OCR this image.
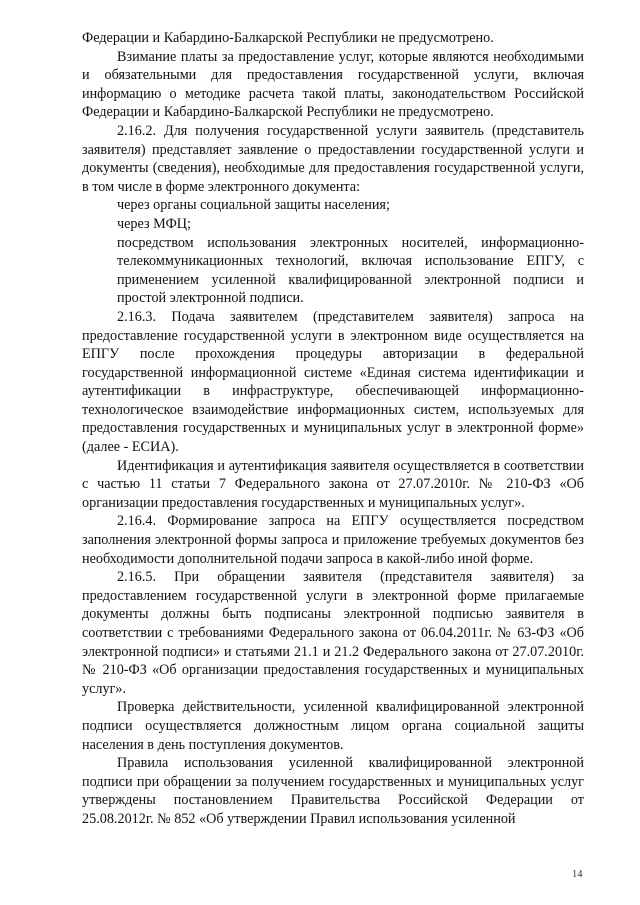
Федерации и Кабардино-Балкарской Республики не предусмотрено.

Взимание платы за предоставление услуг, которые являются необходимыми и обязательными для предоставления государственной услуги, включая информацию о методике расчета такой платы, законодательством Российской Федерации и Кабардино-Балкарской Республики не предусмотрено.

2.16.2. Для получения государственной услуги заявитель (представитель заявителя) представляет заявление о предоставлении государственной услуги и документы (сведения), необходимые для предоставления государственной услуги, в том числе в форме электронного документа:

через органы социальной защиты населения;

через МФЦ;

посредством использования электронных носителей, информационно-телекоммуникационных технологий, включая использование ЕПГУ, с применением усиленной квалифицированной электронной подписи и простой электронной подписи.

2.16.3. Подача заявителем (представителем заявителя) запроса на предоставление государственной услуги в электронном виде осуществляется на ЕПГУ после прохождения процедуры авторизации в федеральной государственной информационной системе «Единая система идентификации и аутентификации в инфраструктуре, обеспечивающей информационно-технологическое взаимодействие информационных систем, используемых для предоставления государственных и муниципальных услуг в электронной форме» (далее - ЕСИА).

Идентификация и аутентификация заявителя осуществляется в соответствии с частью 11 статьи 7 Федерального закона от 27.07.2010г. № 210-ФЗ «Об организации предоставления государственных и муниципальных услуг».

2.16.4. Формирование запроса на ЕПГУ осуществляется посредством заполнения электронной формы запроса и приложение требуемых документов без необходимости дополнительной подачи запроса в какой-либо иной форме.

2.16.5. При обращении заявителя (представителя заявителя) за предоставлением государственной услуги в электронной форме прилагаемые документы должны быть подписаны электронной подписью заявителя в соответствии с требованиями Федерального закона от 06.04.2011г. № 63-ФЗ «Об электронной подписи» и статьями 21.1 и 21.2 Федерального закона от 27.07.2010г. № 210-ФЗ «Об организации предоставления государственных и муниципальных услуг».

Проверка действительности, усиленной квалифицированной электронной подписи осуществляется должностным лицом органа социальной защиты населения в день поступления документов.

Правила использования усиленной квалифицированной электронной подписи при обращении за получением государственных и муниципальных услуг утверждены постановлением Правительства Российской Федерации от 25.08.2012г. № 852 «Об утверждении Правил использования усиленной

14
